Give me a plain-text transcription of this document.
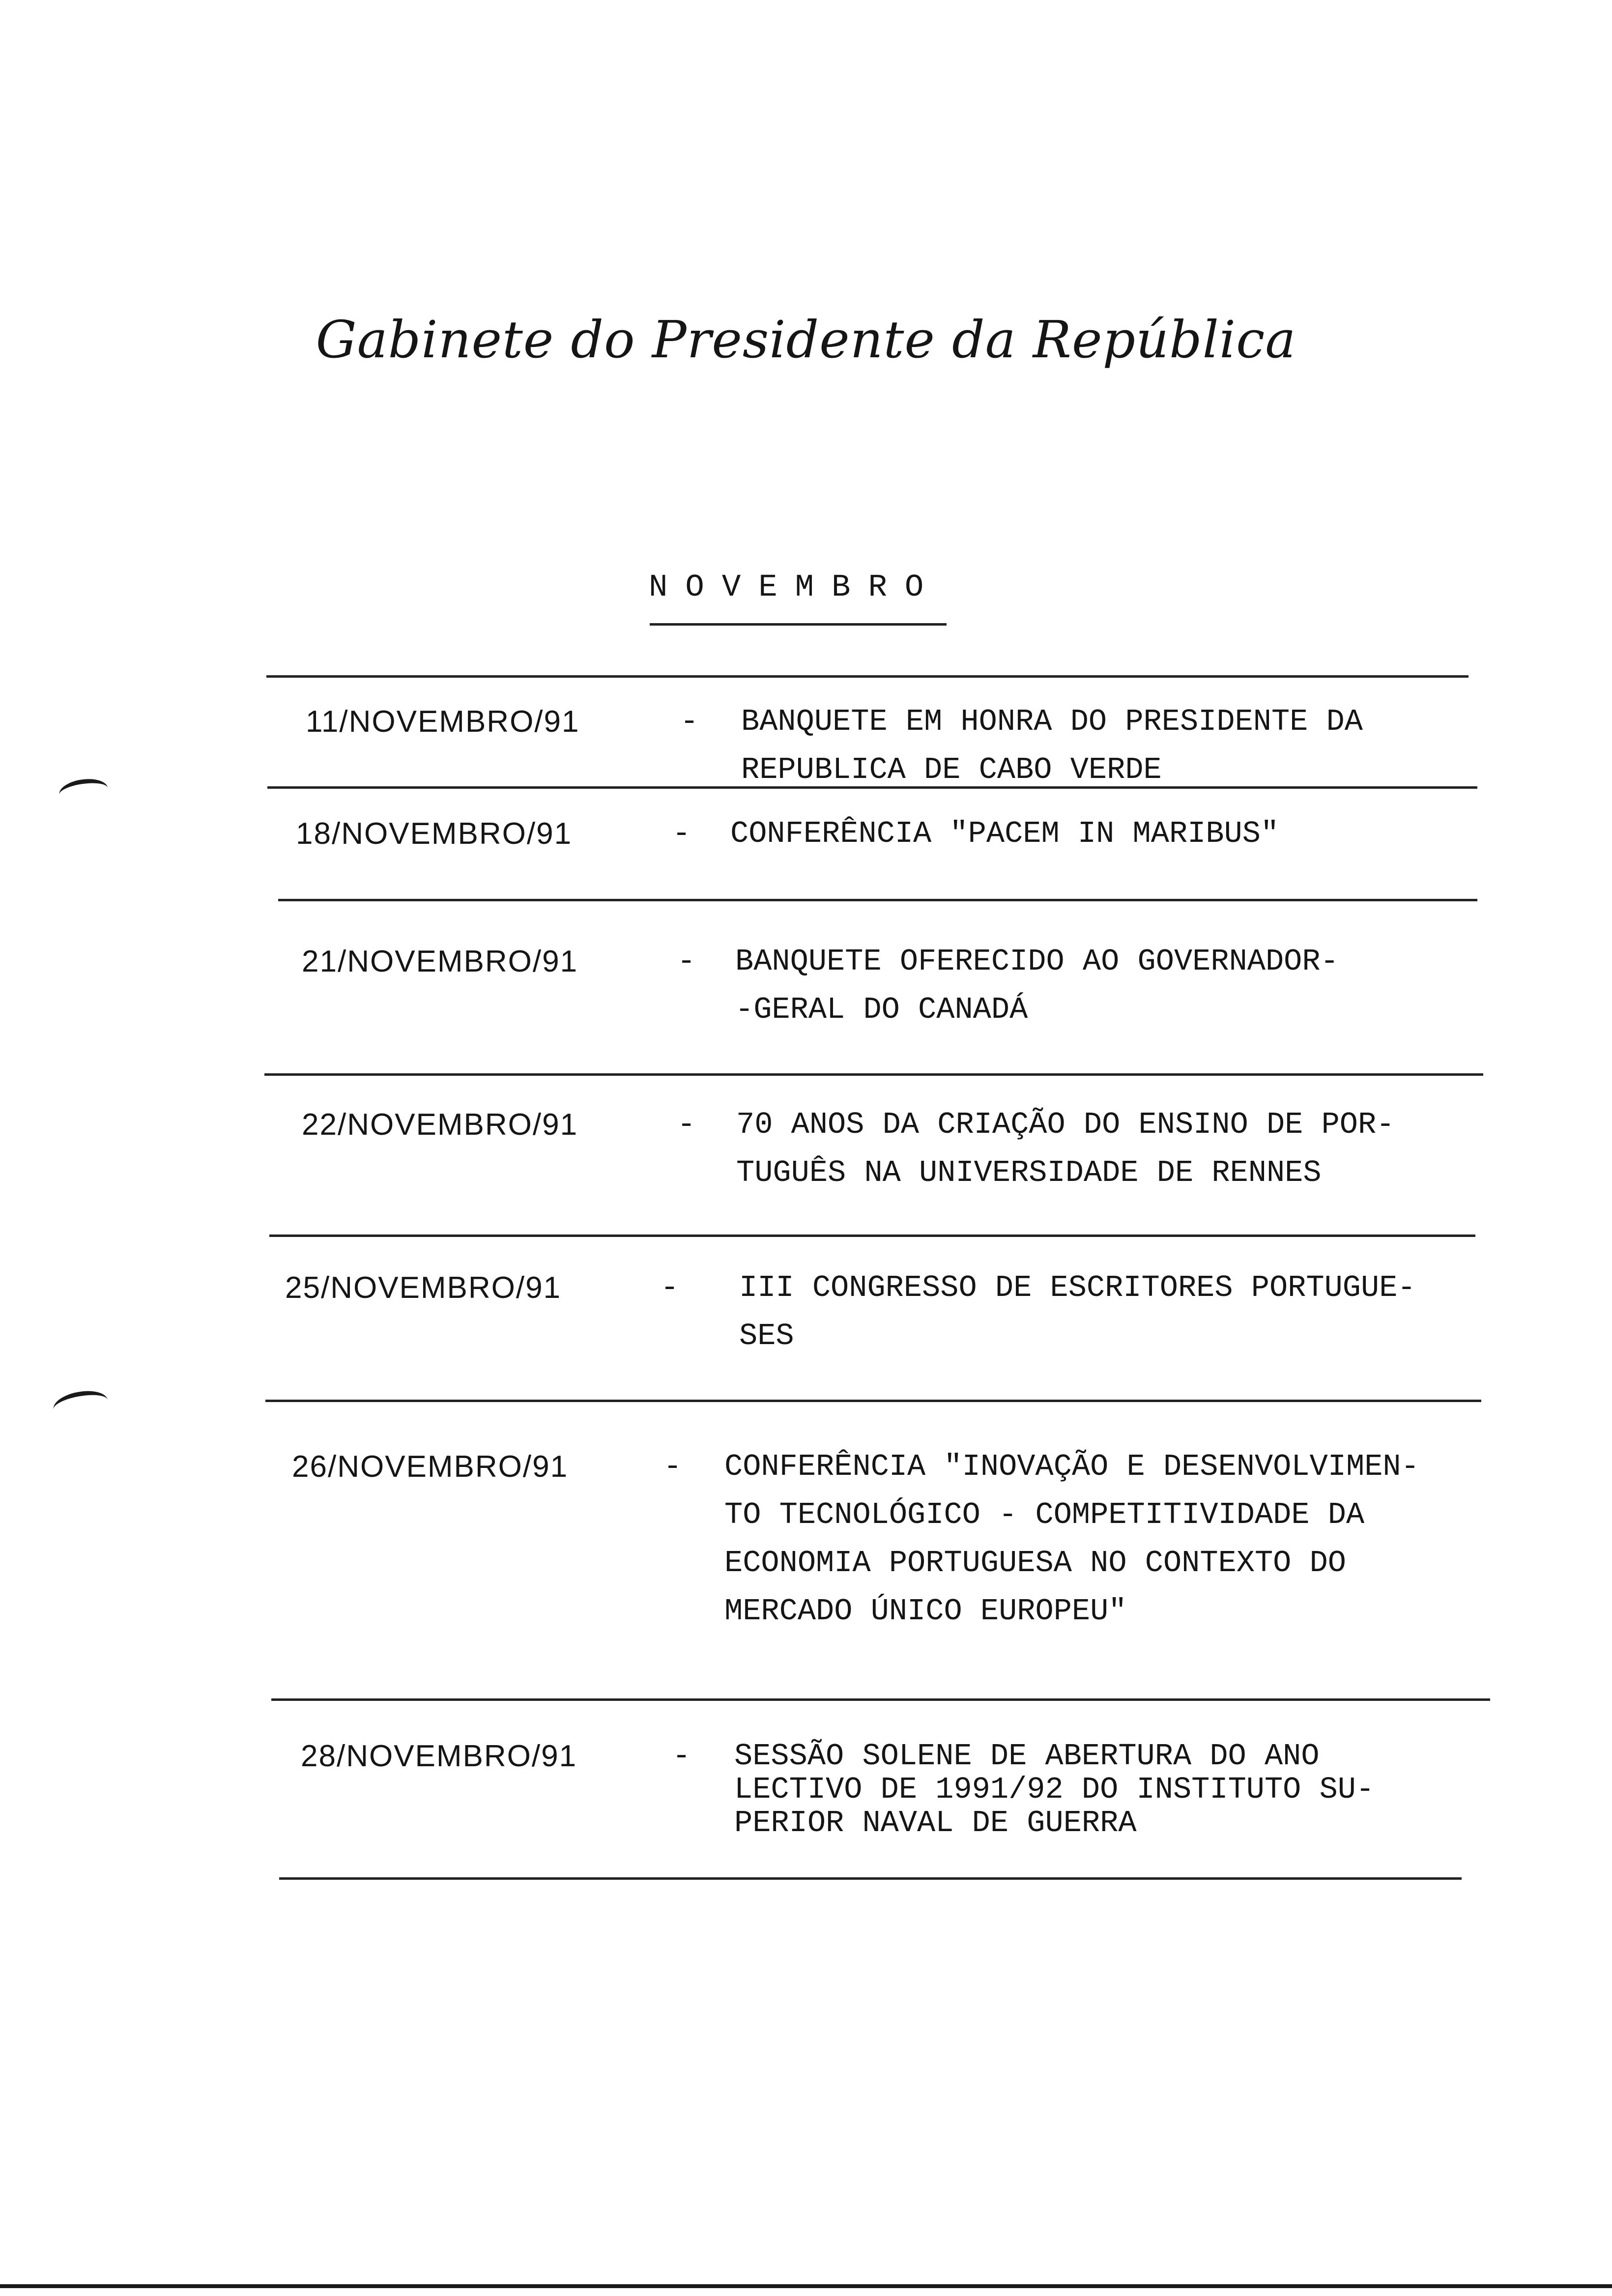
Gabinete do Presidente da República
NOVEMBRO
11/NOVEMBRO/91	- BANQUETE EM HONRA DO PRESIDENTE DA
REPUBLICA DE CABO VERDE
18/NOVEMBRO/91	- CONFERÊNCIA "PACEM IN MARIBUS"
21/NOVEMBRO/91	- BANQUETE OFERECIDO AO GOVERNADOR-
-GERAL DO CANADÁ
22/NOVEMBRO/91	- 70 ANOS DA CRIAÇÃO DO ENSINO DE POR-
TUGUÊS NA UNIVERSIDADE DE RENNES
25/NOVEMBRO/91	- III CONGRESSO DE ESCRITORES PORTUGUE-
SES
26/NOVEMBRO/91	- CONFERÊNCIA "INOVAÇÃO E DESENVOLVIMEN-
TO TECNOLÓGICO - COMPETITIVIDADE DA
ECONOMIA PORTUGUESA NO CONTEXTO DO
MERCADO ÚNICO EUROPEU"
28/NOVEMBRO/91	- SESSÃO SOLENE DE ABERTURA DO ANO
LECTIVO DE 1991/92 DO INSTITUTO SU-
PERIOR NAVAL DE GUERRA
